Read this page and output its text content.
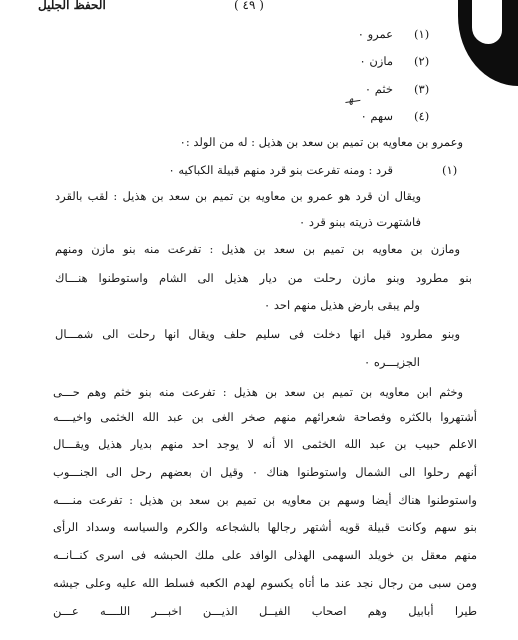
الحفظ الجليل	( ٤٩ )
(١)
عمرو ٠
(٢)
مازن ٠
(٣)
خثم ٠
ــهـ
(٤)
سهم ٠
وعمرو بن معاويه بن تميم بن سعد بن هذيل : له من الولد :٠
(١)
قرد : ومنه تفرعت بنو قرد منهم قبيلة الكباكيه ٠
ويقال ان قرد هو عمرو بن معاويه بن تميم بن سعد بن هذيل : لقب بالقرد
فاشتهرت ذريته ببنو قرد ٠
ومازن بن معاويه بن تميم بن سعد بن هذيل : تفرعت منه بنو مازن ومنهم
بنو مطرود وبنو مازن رحلت من ديار هذيل الى الشام واستوطنوا هنـــاك
ولم يبقى بارض هذيل منهم احد ٠
وبنو مطرود قيل انها دخلت فى سليم حلف ويقال انها رحلت الى شمـــال
الجزيـــره ٠
وخثم ابن معاويه بن تميم بن سعد بن هذيل : تفرعت منه بنو خثم وهم حـــى
أشتهروا بالكثره وفصاحة شعرائهم منهم صخر الغى بن عبد الله الخثمى واخيــــه
الاعلم حبيب بن عبد الله الخثمى الا أنه لا يوجد احد منهم بديار هذيل ويقـــال
أنهم رحلوا الى الشمال واستوطنوا هناك ٠ وقيل ان بعضهم رحل الى الجنـــوب
واستوطنوا هناك أيضا وسهم بن معاويه بن تميم بن سعد بن هذيل : تفرعت منــــه
بنو سهم وكانت قبيلة قويه أشتهر رجالها بالشجاعه والكرم والسياسه وسداد الرأى
منهم معقل بن خويلد السهمى الهذلى الوافد على ملك الحبشه فى اسرى كنــانــه
ومن سبى من رجال نجد عند ما أتاه يكسوم لهدم الكعبه فسلط الله عليه وعلى جيشه
طيرا أبابيل وهم اصحاب الفيــل الذيـــن اخبـــر اللــــه عـــن
